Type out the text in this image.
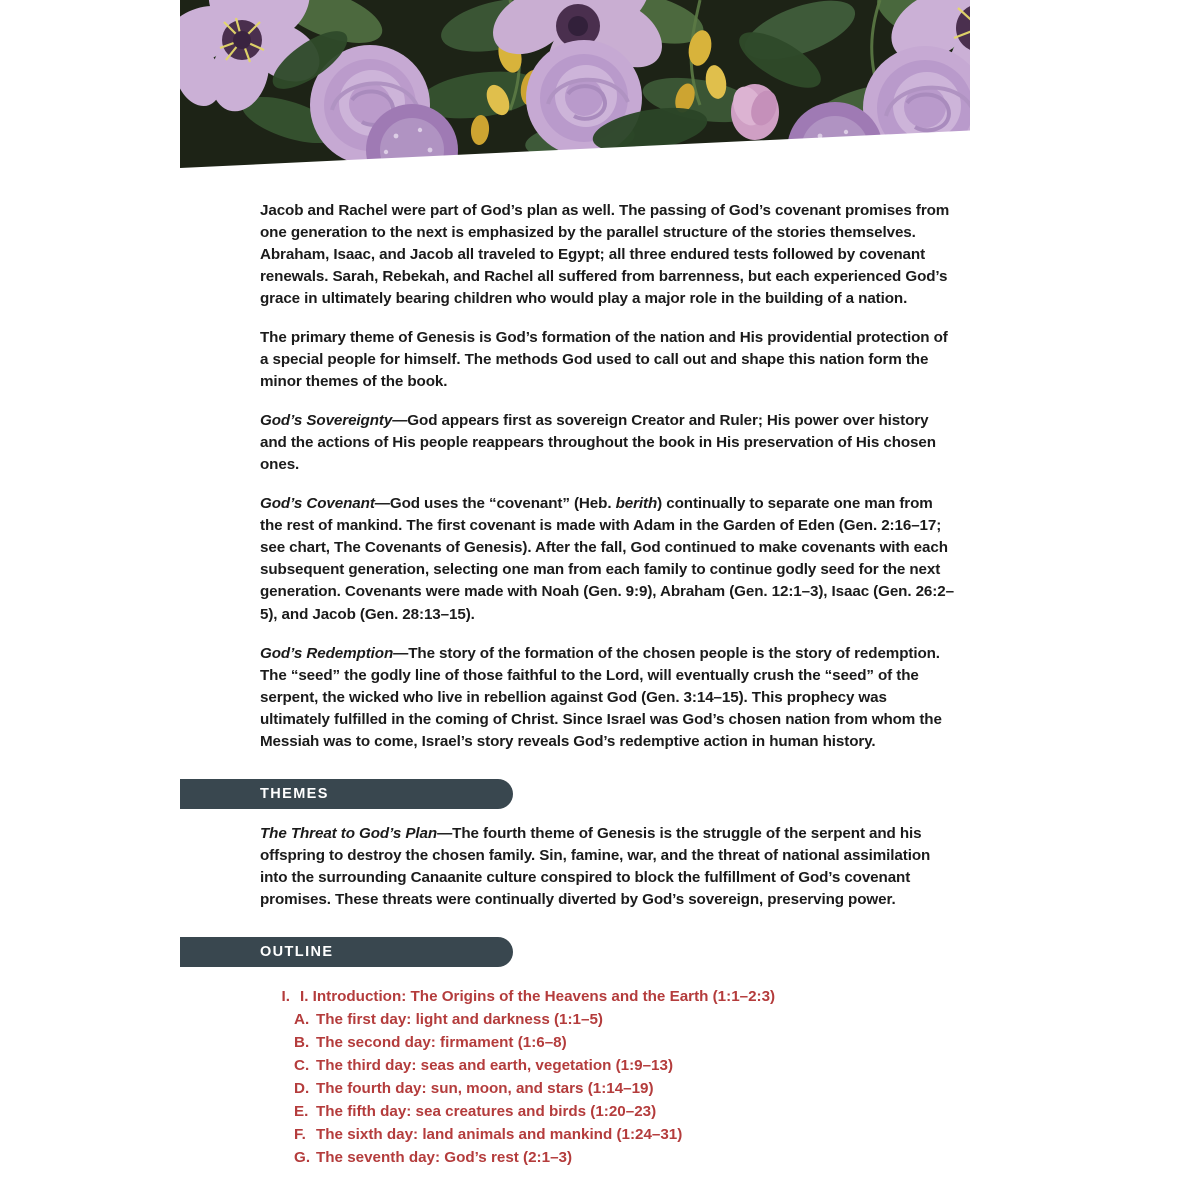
Jacob and Rachel were part of God’s plan as well. The passing of God’s covenant promises from one generation to the next is emphasized by the parallel structure of the stories themselves. Abraham, Isaac, and Jacob all traveled to Egypt; all three endured tests followed by covenant renewals. Sarah, Rebekah, and Rachel all suffered from barrenness, but each experienced God’s grace in ultimately bearing children who would play a major role in the building of a nation.

The primary theme of Genesis is God’s formation of the nation and His providential protection of a special people for himself. The methods God used to call out and shape this nation form the minor themes of the book.

God’s Sovereignty—God appears first as sovereign Creator and Ruler; His power over history and the actions of His people reappears throughout the book in His preservation of His chosen ones.

God’s Covenant—God uses the “covenant” (Heb. berith) continually to separate one man from the rest of mankind. The first covenant is made with Adam in the Garden of Eden (Gen. 2:16–17; see chart, The Covenants of Genesis). After the fall, God continued to make covenants with each subsequent generation, selecting one man from each family to continue godly seed for the next generation. Covenants were made with Noah (Gen. 9:9), Abraham (Gen. 12:1–3), Isaac (Gen. 26:2–5), and Jacob (Gen. 28:13–15).

God’s Redemption—The story of the formation of the chosen people is the story of redemption. The “seed” the godly line of those faithful to the Lord, will eventually crush the “seed” of the serpent, the wicked who live in rebellion against God (Gen. 3:14–15). This prophecy was ultimately fulfilled in the coming of Christ. Since Israel was God’s chosen nation from whom the Messiah was to come, Israel’s story reveals God’s redemptive action in human history.

THEMES

The Threat to God’s Plan—The fourth theme of Genesis is the struggle of the serpent and his offspring to destroy the chosen family. Sin, famine, war, and the threat of national assimilation into the surrounding Canaanite culture conspired to block the fulfillment of God’s covenant promises. These threats were continually diverted by God’s sovereign, preserving power.

OUTLINE
I. I. Introduction: The Origins of the Heavens and the Earth (1:1–2:3)
A. The first day: light and darkness (1:1–5)
B. The second day: firmament (1:6–8)
C. The third day: seas and earth, vegetation (1:9–13)
D. The fourth day: sun, moon, and stars (1:14–19)
E. The fifth day: sea creatures and birds (1:20–23)
F. The sixth day: land animals and mankind (1:24–31)
G. The seventh day: God’s rest (2:1–3)
